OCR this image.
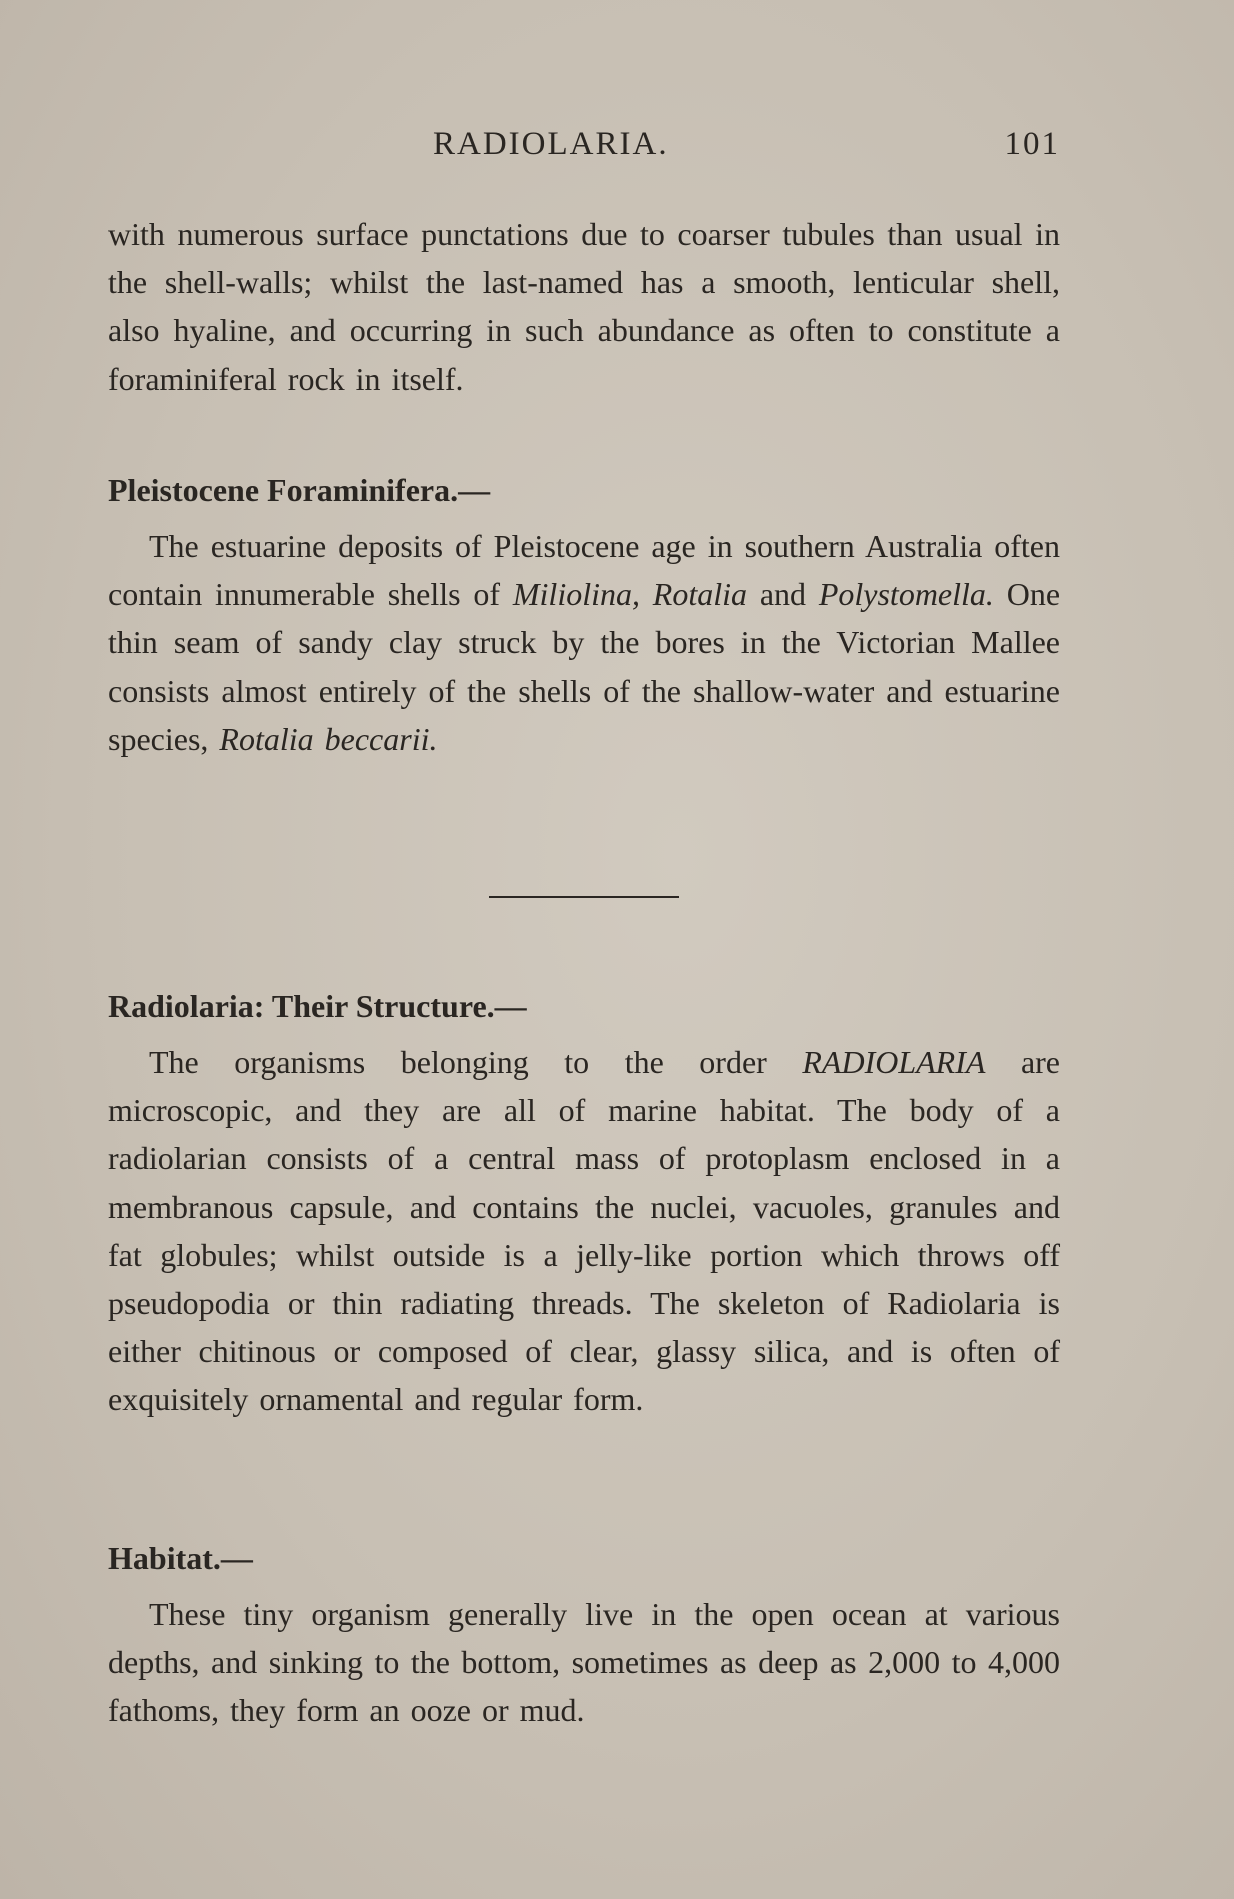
RADIOLARIA.	101

with numerous surface punctations due to coarser tubules than usual in the shell-walls; whilst the last-named has a smooth, lenticular shell, also hyaline, and occurring in such abundance as often to constitute a foraminiferal rock in itself.

Pleistocene Foraminifera.—

The estuarine deposits of Pleistocene age in southern Australia often contain innumerable shells of Miliolina, Rotalia and Polystomella. One thin seam of sandy clay struck by the bores in the Victorian Mallee consists almost entirely of the shells of the shallow-water and estuarine species, Rotalia beccarii.

Radiolaria: Their Structure.—

The organisms belonging to the order RADIOLARIA are microscopic, and they are all of marine habitat. The body of a radiolarian consists of a central mass of protoplasm enclosed in a membranous capsule, and contains the nuclei, vacuoles, granules and fat globules; whilst outside is a jelly-like portion which throws off pseudopodia or thin radiating threads. The skeleton of Radiolaria is either chitinous or composed of clear, glassy silica, and is often of exquisitely ornamental and regular form.

Habitat.—

These tiny organism generally live in the open ocean at various depths, and sinking to the bottom, sometimes as deep as 2,000 to 4,000 fathoms, they form an ooze or mud.
